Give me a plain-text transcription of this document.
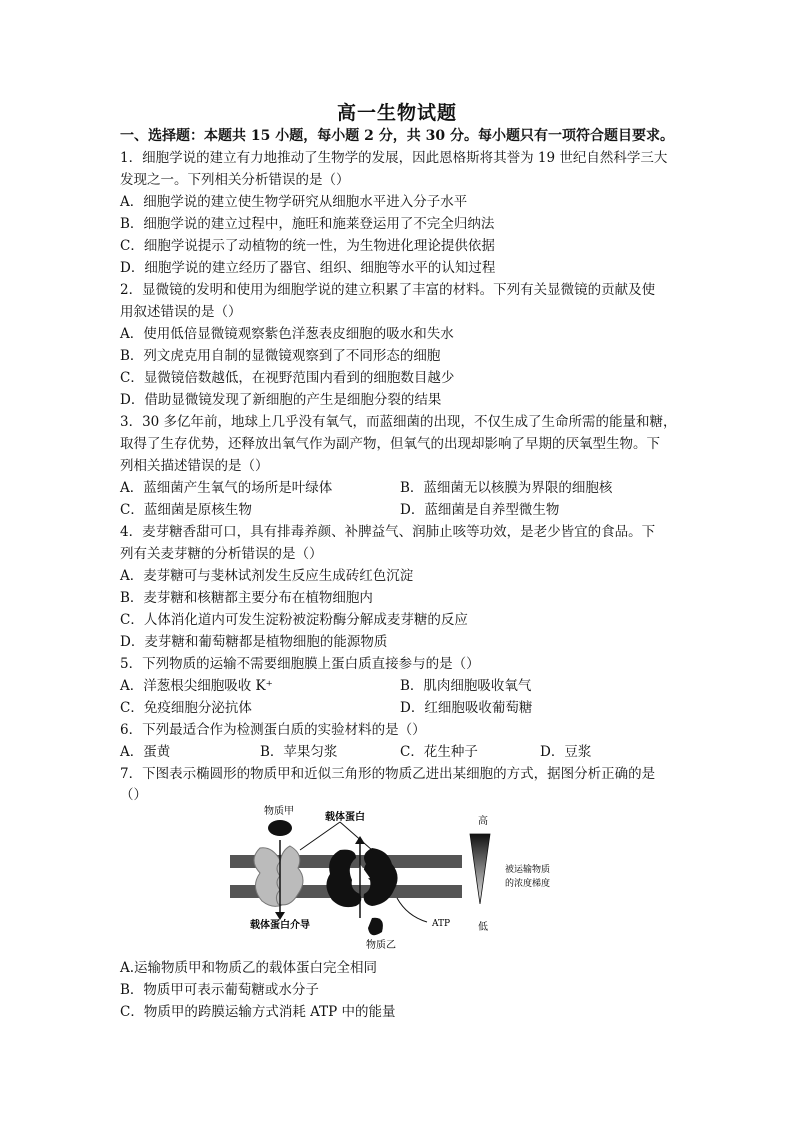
高一生物试题
一、选择题：本题共 15 小题，每小题 2 分，共 30 分。每小题只有一项符合题目要求。
1．细胞学说的建立有力地推动了生物学的发展，因此恩格斯将其誉为 19 世纪自然科学三大
发现之一。下列相关分析错误的是（）
A．细胞学说的建立使生物学研究从细胞水平进入分子水平
B．细胞学说的建立过程中，施旺和施莱登运用了不完全归纳法
C．细胞学说提示了动植物的统一性，为生物进化理论提供依据
D．细胞学说的建立经历了器官、组织、细胞等水平的认知过程
2．显微镜的发明和使用为细胞学说的建立积累了丰富的材料。下列有关显微镜的贡献及使
用叙述错误的是（）
A．使用低倍显微镜观察紫色洋葱表皮细胞的吸水和失水
B．列文虎克用自制的显微镜观察到了不同形态的细胞
C．显微镜倍数越低，在视野范围内看到的细胞数目越少
D．借助显微镜发现了新细胞的产生是细胞分裂的结果
3．30 多亿年前，地球上几乎没有氧气，而蓝细菌的出现，不仅生成了生命所需的能量和糖，
取得了生存优势，还释放出氧气作为副产物，但氧气的出现却影响了早期的厌氧型生物。下
列相关描述错误的是（）
A．蓝细菌产生氧气的场所是叶绿体	B．蓝细菌无以核膜为界限的细胞核
C．蓝细菌是原核生物	D．蓝细菌是自养型微生物
4．麦芽糖香甜可口，具有排毒养颜、补脾益气、润肺止咳等功效，是老少皆宜的食品。下
列有关麦芽糖的分析错误的是（）
A．麦芽糖可与斐林试剂发生反应生成砖红色沉淀
B．麦芽糖和核糖都主要分布在植物细胞内
C．人体消化道内可发生淀粉被淀粉酶分解成麦芽糖的反应
D．麦芽糖和葡萄糖都是植物细胞的能源物质
5．下列物质的运输不需要细胞膜上蛋白质直接参与的是（）
A．洋葱根尖细胞吸收 K⁺	B．肌肉细胞吸收氧气
C．免疫细胞分泌抗体	D．红细胞吸收葡萄糖
6．下列最适合作为检测蛋白质的实验材料的是（）
A．蛋黄	B．苹果匀浆	C．花生种子	D．豆浆
7．下图表示椭圆形的物质甲和近似三角形的物质乙进出某细胞的方式，据图分析正确的是
（）
物质甲
载体蛋白	高
被运输物质
的浓度梯度
低
载体蛋白介导	ATP
物质乙
A.运输物质甲和物质乙的载体蛋白完全相同
B．物质甲可表示葡萄糖或水分子
C．物质甲的跨膜运输方式消耗 ATP 中的能量
